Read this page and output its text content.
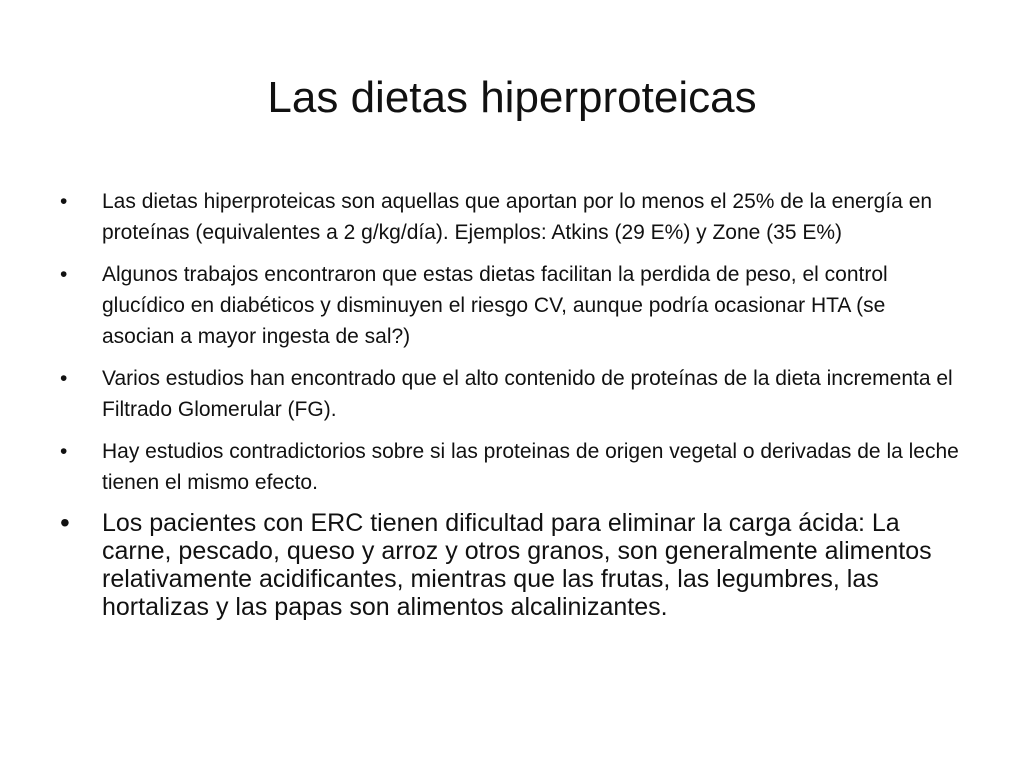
Las dietas hiperproteicas
• Las dietas hiperproteicas son aquellas que aportan por lo menos el 25% de la energía en proteínas (equivalentes a 2 g/kg/día). Ejemplos: Atkins (29 E%) y Zone (35 E%)
• Algunos trabajos encontraron que estas dietas facilitan la perdida de peso, el control glucídico en diabéticos y disminuyen el riesgo CV, aunque podría ocasionar HTA (se asocian a mayor ingesta de sal?)
• Varios estudios han encontrado que el alto contenido de proteínas de la dieta incrementa el Filtrado Glomerular (FG).
• Hay estudios contradictorios sobre si las proteinas de origen vegetal o derivadas de la leche tienen el mismo efecto.
• Los pacientes con ERC tienen dificultad para eliminar la carga ácida: La carne, pescado, queso y arroz y otros granos, son generalmente alimentos relativamente acidificantes, mientras que las frutas, las legumbres, las hortalizas y las papas son alimentos alcalinizantes.
